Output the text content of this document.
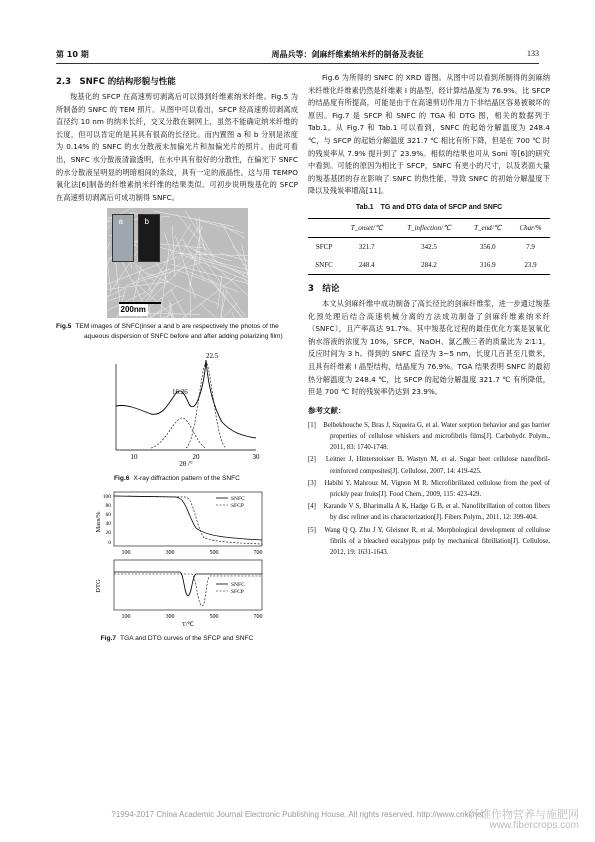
第 10 期	周晶兵等：剑麻纤维素纳米纤的制备及表征	133
2.3　SNFC 的结构形貌与性能

羧基化的 SFCP 在高速剪切剥离后可以得到纤维素纳米纤维。Fig.5 为所制备的 SNFC 的 TEM 照片。从图中可以看出，SFCP 经高速剪切剥离成直径约 10 nm 的纳米长纤，交叉分散在铜网上，虽然不能确定纳米纤维的长度，但可以肯定的是其具有很高的长径比。而内置图 a 和 b 分别是浓度为 0.14% 的 SNFC 的水分散液未加偏光片和加偏光片的照片。由此可看出，SNFC 水分散液清澈透明，在水中具有很好的分散性，在偏光下 SNFC 的水分散液呈明显的明暗相间的条纹，具有一定的液晶性。这与用 TEMPO 氧化法[6]制备的纤维素纳米纤维的结果类似。可初步说明羧基化的 SFCP 在高速剪切剥离后可成功制得 SNFC。

a	b
200nm

Fig.5 TEM images of SNFC(inser a and b are respectively the photos of the aqueous dispersion of SNFC before and after adding polarizing film)

22.5
16.26
10	20	30
2θ /°

Fig.6 X-ray diffraction pattern of the SNFC

Mass/%
100
80
60
40
20
0
SNFC
SFCP
100	300	500	700
DTG	SNFC
SFCP
100	300	500	700
T/℃

Fig.7 TGA and DTG curves of the SFCP and SNFC

Fig.6 为所得的 SNFC 的 XRD 谱图。从图中可以看到所制得的剑麻纳米纤维化纤维素仍然是纤维素 Ⅰ 的晶型，经计算结晶度为 76.9%。比 SFCP 的结晶度有所提高，可能是由于在高速剪切作用力下非结晶区容易被破坏的原因。Fig.7 是 SFCP 和 SNFC 的 TGA 和 DTG 图，相关的数据列于 Tab.1。从 Fig.7 和 Tab.1 可以看到，SNFC 的起始分解温度为 248.4 ℃，与 SFCP 的起始分解温度 321.7 ℃ 相比有所下降，但是在 700 ℃ 时的残炭率从 7.9% 提升到了 23.9%。相似的结果也可从 Soni 等[6]的研究中看到。可能的原因为相比于 SFCP，SNFC 有更小的尺寸，以及表面大量的羧基基团的存在影响了 SNFC 的热性能，导致 SNFC 的初始分解温度下降以及残炭率增高[11]。

Tab.1　TG and DTG data of SFCP and SNFC
	T_onset/℃	T_inflection/℃	T_end/℃	Char/%
SFCP	321.7	342.5	356.0	7.9
SNFC	248.4	284.2	316.9	23.9
3　结论

本文从剑麻纤维中成功制备了高长径比的剑麻纤维浆，进一步通过羧基化预处理后结合高速机械分离的方法成功制备了剑麻纤维素纳米纤（SNFC），且产率高达 91.7%。其中羧基化过程的最佳优化方案是氢氧化钠水溶液的浓度为 10%，SFCP、NaOH、氯乙酸三者的质量比为 2∶1∶1，反应时间为 3 h。得到的 SNFC 直径为 3~5 nm，长度几百甚至几微米，且具有纤维素 Ⅰ 晶型结构，结晶度为 76.9%。TGA 结果表明 SNFC 的最初热分解温度为 248.4 ℃，比 SFCP 的起始分解温度 321.7 ℃ 有所降低，但是 700 ℃ 时的残炭率仍达到 23.9%。

参考文献：

[1]　Belbekhouche S, Bras J, Siqueira G, et al. Water sorption behavior and gas barrier properties of cellulose whiskers and microfibrils films[J]. Carbohydr. Polym., 2011, 83: 1740-1748.

[2]　Leitner J, Hinterstoisser B, Wastyn M, et al. Sugar beet cellulose nanofibril-reinforced composites[J]. Cellulose, 2007, 14: 419-425.

[3]　Habibi Y, Mahrouz M, Vignon M R. Microfibrillated cellulose from the peel of prickly pear fruits[J]. Food Chem., 2009, 115: 423-429.

[4]　Karande V S, Bharimalla A K, Hadge G B, et al. Nanofibrillation of cotton fibers by disc refiner and its characterization[J]. Fibers Polym., 2011, 12: 399-404.

[5]　Wang Q Q, Zhu J Y, Gleisner R, et al. Morphological development of cellulose fibrils of a bleached eucalyptus pulp by mechanical fibrillation[J]. Cellulose, 2012, 19: 1631-1643.

?1994-2017 China Academic Journal Electronic Publishing House. All rights reserved. http://www.cnki.net
纤维作物营养与施肥网
www.fibercrops.com
